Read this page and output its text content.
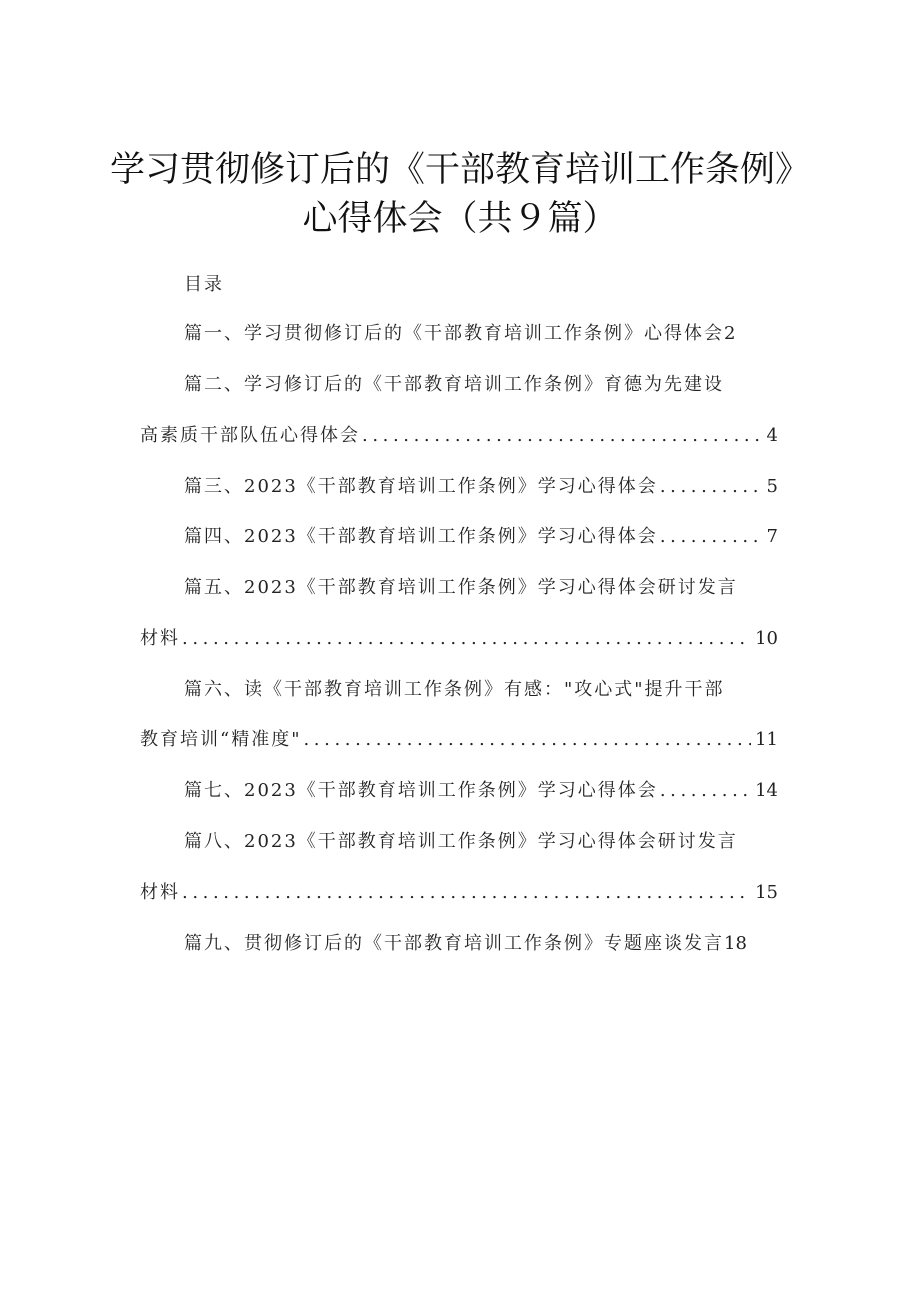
学习贯彻修订后的《干部教育培训工作条例》
心得体会（共９篇）
目录
篇一、学习贯彻修订后的《干部教育培训工作条例》心得体会2
篇二、学习修订后的《干部教育培训工作条例》育德为先建设
高素质干部队伍心得体会 .....	4
篇三、2023《干部教育培训工作条例》学习心得体会 .....	5
篇四、2023《干部教育培训工作条例》学习心得体会 .....	7
篇五、2023《干部教育培训工作条例》学习心得体会研讨发言
材料 .....	10
篇六、读《干部教育培训工作条例》有感："攻心式"提升干部
教育培训“精准度" .....	11
篇七、2023《干部教育培训工作条例》学习心得体会 .....	14
篇八、2023《干部教育培训工作条例》学习心得体会研讨发言
材料 .....	15
篇九、贯彻修订后的《干部教育培训工作条例》专题座谈发言18
